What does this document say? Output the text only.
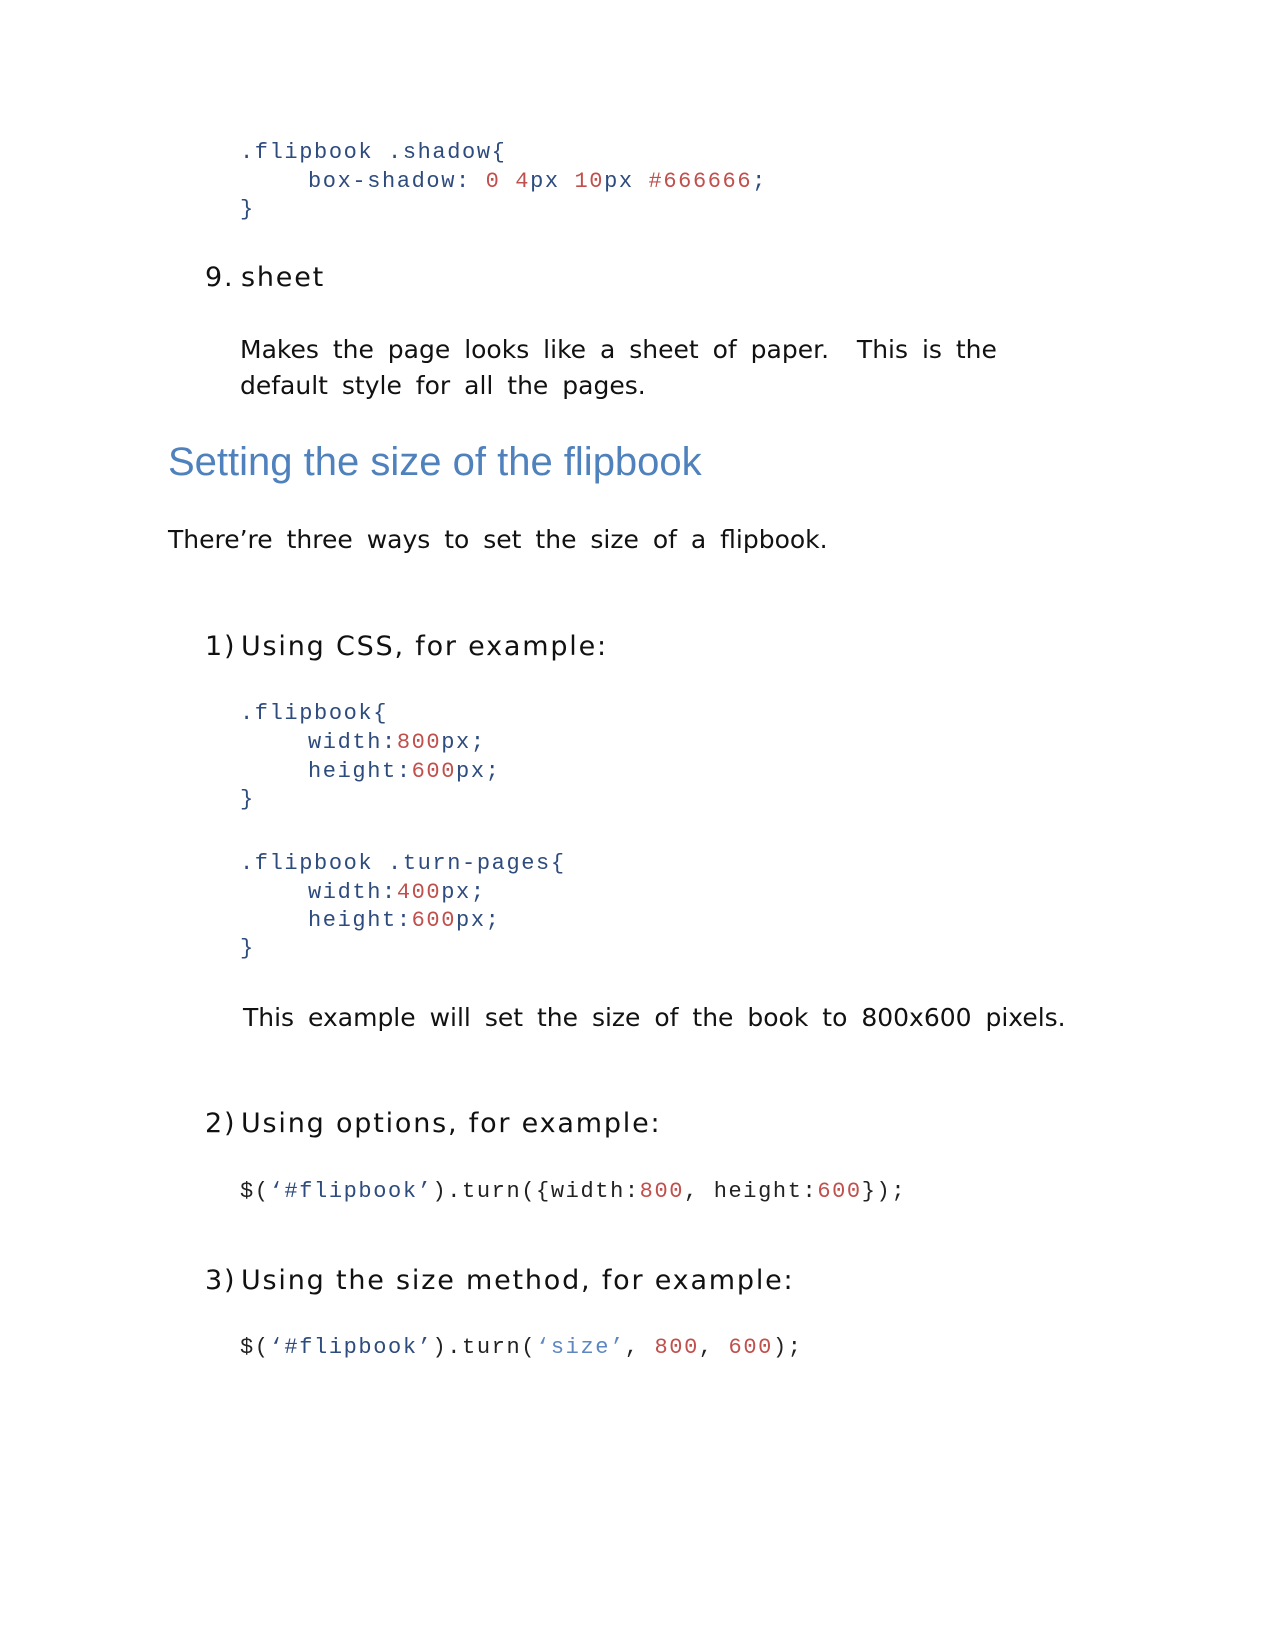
.flipbook .shadow{
box-shadow: 0 4px 10px #666666;
}
9. sheet
Makes the page looks like a sheet of paper.  This is the
default style for all the pages.
Setting the size of the flipbook
There’re three ways to set the size of a flipbook.
1) Using CSS, for example:
.flipbook{
width:800px;
height:600px;
}
.flipbook .turn-pages{
width:400px;
height:600px;
}
This example will set the size of the book to 800x600 pixels.
2) Using options, for example:
$(‘#flipbook’).turn({width:800, height:600});
3) Using the size method, for example:
$(‘#flipbook’).turn(‘size’, 800, 600);
